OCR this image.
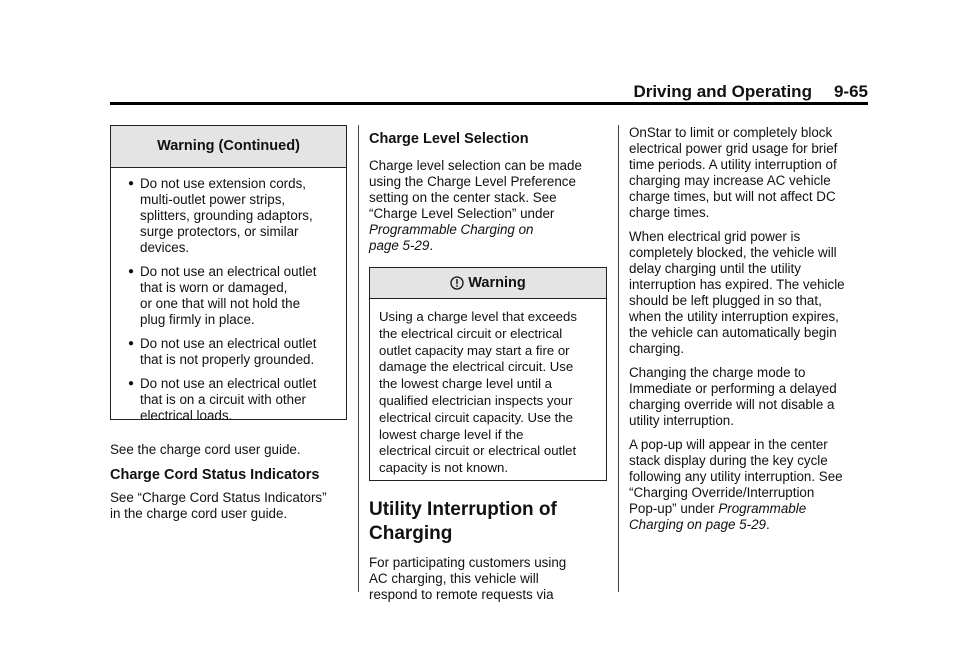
Driving and Operating 9-65
Warning (Continued)
● Do not use extension cords,
multi-outlet power strips,
splitters, grounding adaptors,
surge protectors, or similar
devices.
● Do not use an electrical outlet
that is worn or damaged,
or one that will not hold the
plug firmly in place.
● Do not use an electrical outlet
that is not properly grounded.
● Do not use an electrical outlet
that is on a circuit with other
electrical loads.

See the charge cord user guide.

Charge Cord Status Indicators

See “Charge Cord Status Indicators”
in the charge cord user guide.

Charge Level Selection

Charge level selection can be made
using the Charge Level Preference
setting on the center stack. See
“Charge Level Selection” under
Programmable Charging on
page 5-29.

Warning
Using a charge level that exceeds
the electrical circuit or electrical
outlet capacity may start a fire or
damage the electrical circuit. Use
the lowest charge level until a
qualified electrician inspects your
electrical circuit capacity. Use the
lowest charge level if the
electrical circuit or electrical outlet
capacity is not known.
Utility Interruption of
Charging

For participating customers using
AC charging, this vehicle will
respond to remote requests via

OnStar to limit or completely block
electrical power grid usage for brief
time periods. A utility interruption of
charging may increase AC vehicle
charge times, but will not affect DC
charge times.

When electrical grid power is
completely blocked, the vehicle will
delay charging until the utility
interruption has expired. The vehicle
should be left plugged in so that,
when the utility interruption expires,
the vehicle can automatically begin
charging.

Changing the charge mode to
Immediate or performing a delayed
charging override will not disable a
utility interruption.

A pop-up will appear in the center
stack display during the key cycle
following any utility interruption. See
“Charging Override/Interruption
Pop-up” under Programmable
Charging on page 5-29.
